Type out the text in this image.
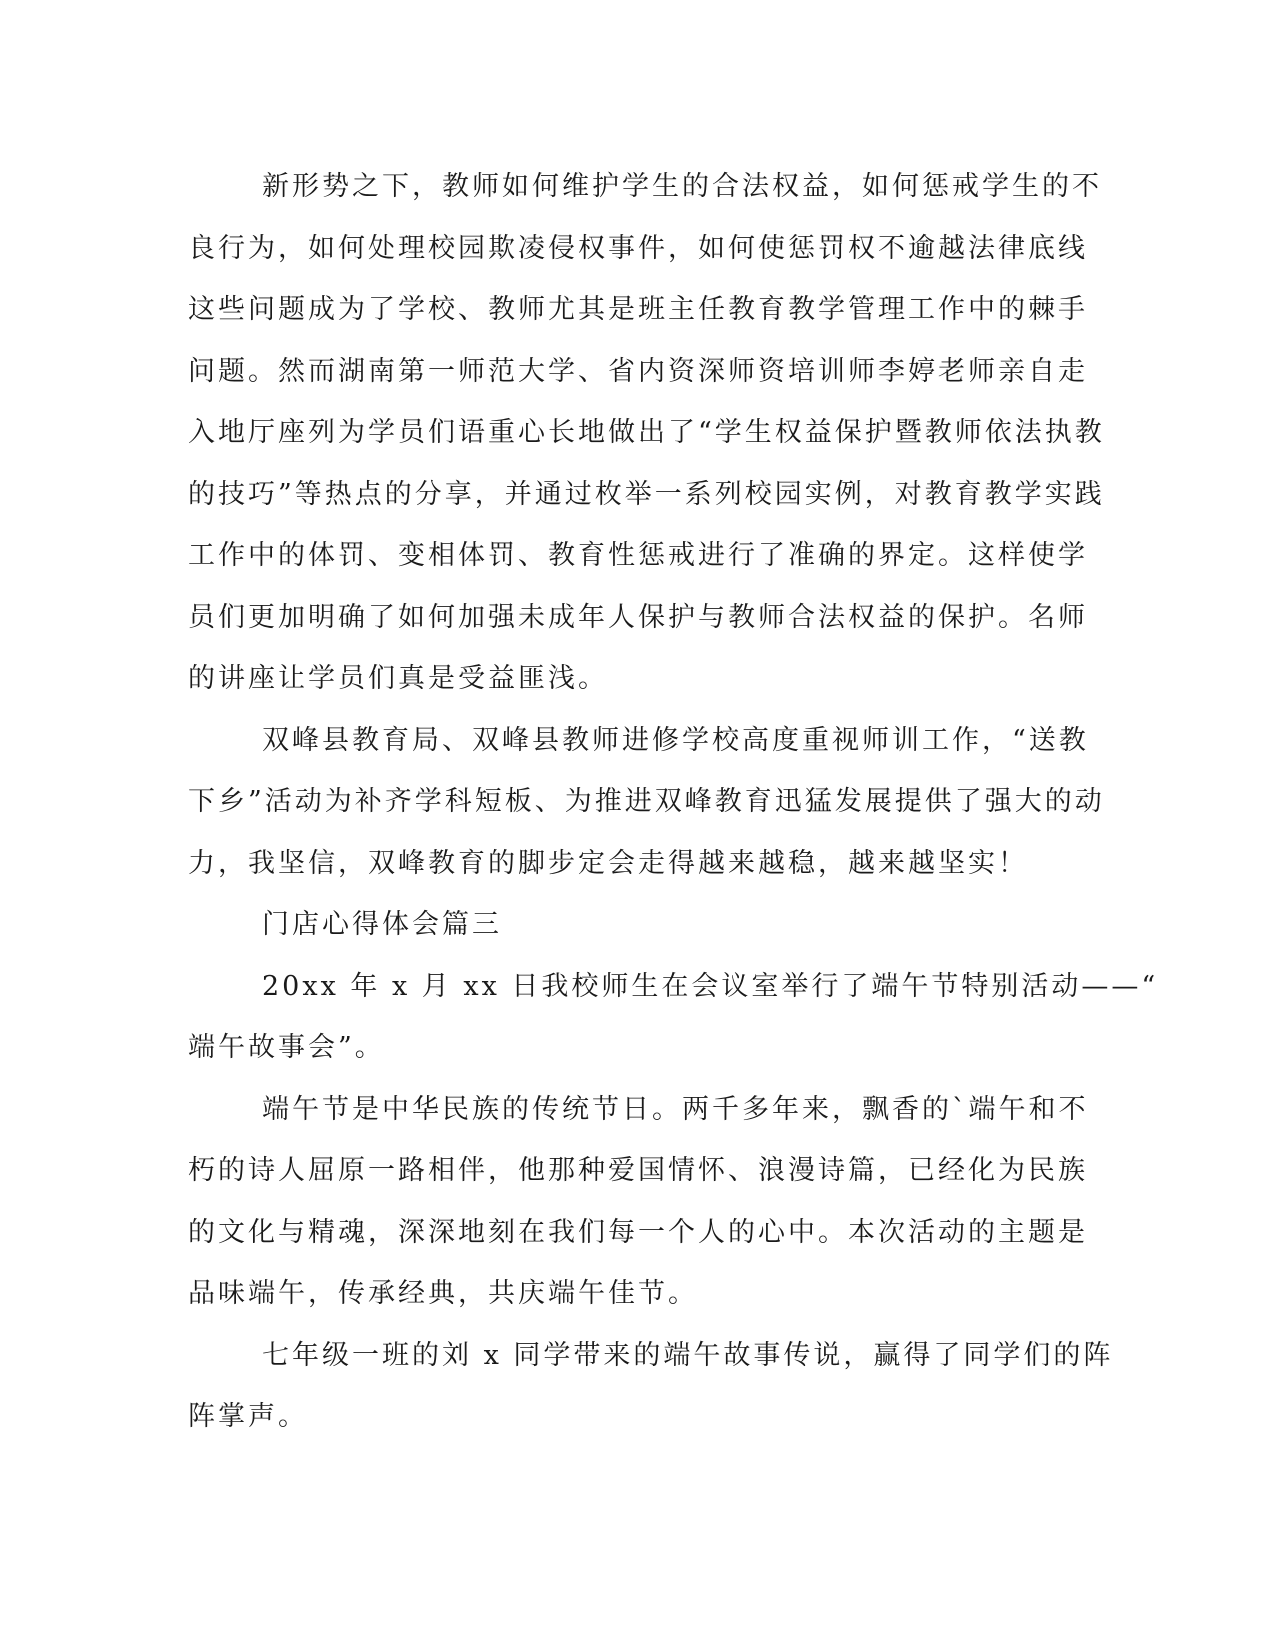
新形势之下，教师如何维护学生的合法权益，如何惩戒学生的不
良行为，如何处理校园欺凌侵权事件，如何使惩罚权不逾越法律底线
这些问题成为了学校、教师尤其是班主任教育教学管理工作中的棘手
问题。然而湖南第一师范大学、省内资深师资培训师李婷老师亲自走
入地厅座列为学员们语重心长地做出了“学生权益保护暨教师依法执教
的技巧”等热点的分享，并通过枚举一系列校园实例，对教育教学实践
工作中的体罚、变相体罚、教育性惩戒进行了准确的界定。这样使学
员们更加明确了如何加强未成年人保护与教师合法权益的保护。名师
的讲座让学员们真是受益匪浅。
双峰县教育局、双峰县教师进修学校高度重视师训工作，“送教
下乡”活动为补齐学科短板、为推进双峰教育迅猛发展提供了强大的动
力，我坚信，双峰教育的脚步定会走得越来越稳，越来越坚实！
门店心得体会篇三
20xx 年 x 月 xx 日我校师生在会议室举行了端午节特别活动——“
端午故事会”。
端午节是中华民族的传统节日。两千多年来，飘香的`端午和不
朽的诗人屈原一路相伴，他那种爱国情怀、浪漫诗篇，已经化为民族
的文化与精魂，深深地刻在我们每一个人的心中。本次活动的主题是
品味端午，传承经典，共庆端午佳节。
七年级一班的刘 x 同学带来的端午故事传说，赢得了同学们的阵
阵掌声。
